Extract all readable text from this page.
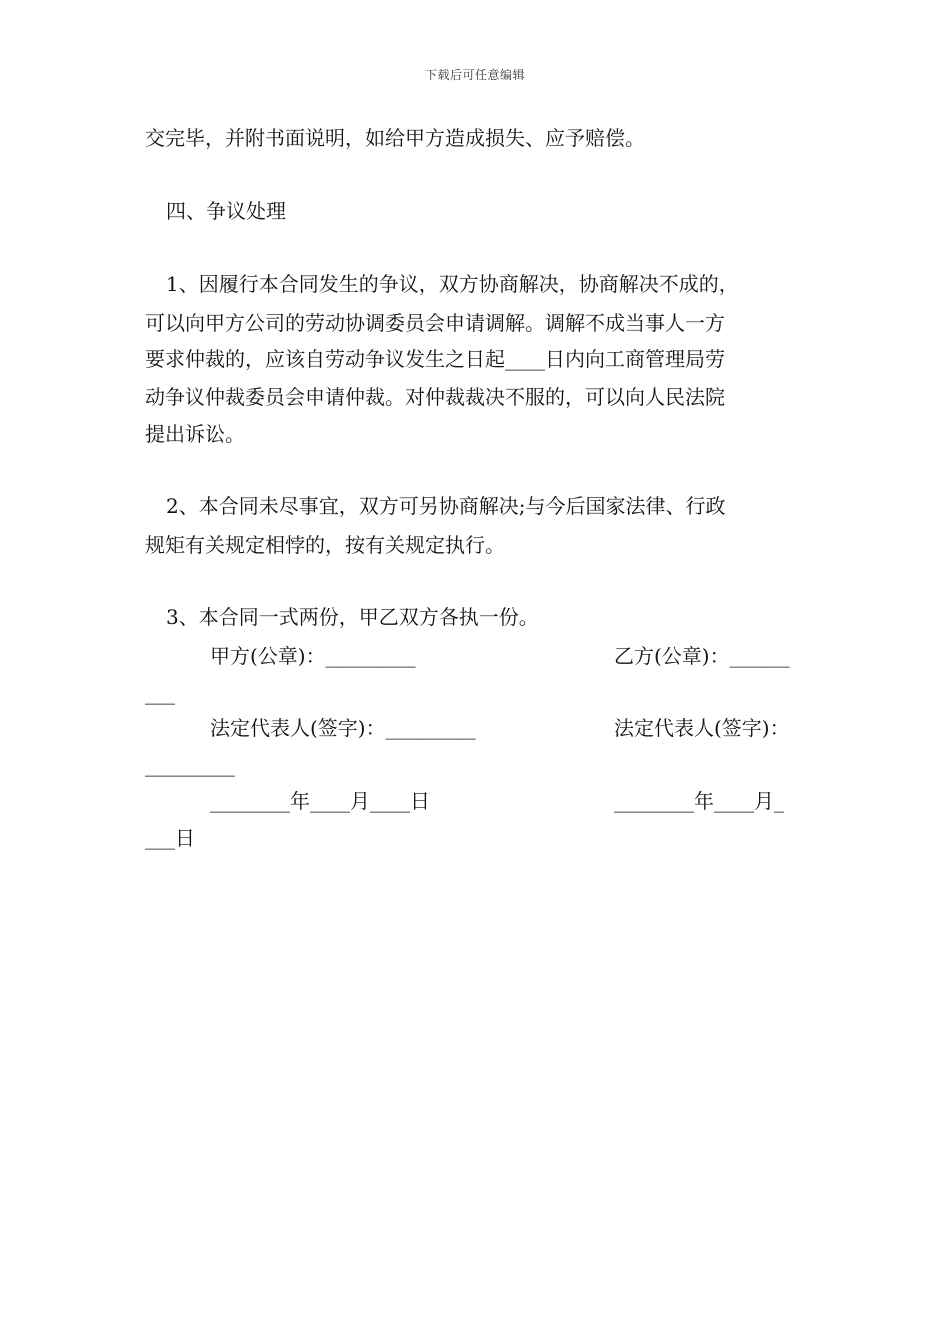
下载后可任意编辑
交完毕，并附书面说明，如给甲方造成损失、应予赔偿。
四、争议处理
1、因履行本合同发生的争议，双方协商解决，协商解决不成的，
可以向甲方公司的劳动协调委员会申请调解。调解不成当事人一方
要求仲裁的，应该自劳动争议发生之日起____日内向工商管理局劳
动争议仲裁委员会申请仲裁。对仲裁裁决不服的，可以向人民法院
提出诉讼。
2、本合同未尽事宜，双方可另协商解决;与今后国家法律、行政
规矩有关规定相悖的，按有关规定执行。
3、本合同一式两份，甲乙双方各执一份。
甲方(公章)：_________	乙方(公章)：______
___
法定代表人(签字)：_________	法定代表人(签字)：
_________
________年____月____日	________年____月_
___日
